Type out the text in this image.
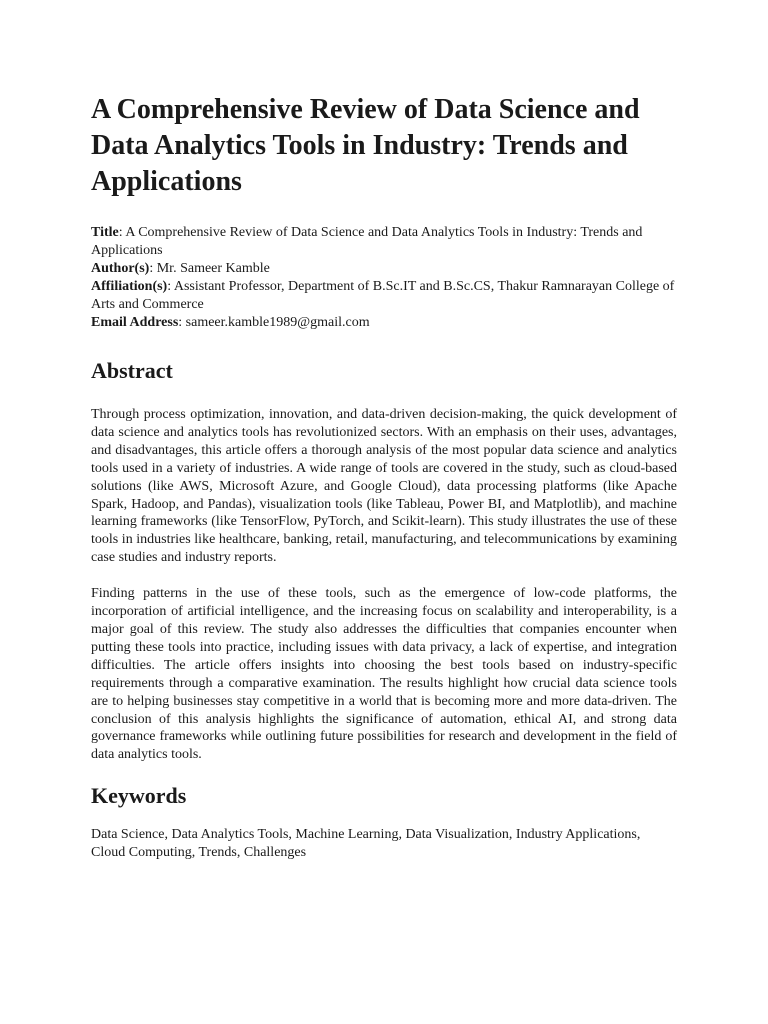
A Comprehensive Review of Data Science and Data Analytics Tools in Industry: Trends and Applications

Title: A Comprehensive Review of Data Science and Data Analytics Tools in Industry: Trends and Applications

Author(s): Mr. Sameer Kamble

Affiliation(s): Assistant Professor, Department of B.Sc.IT and B.Sc.CS, Thakur Ramnarayan College of Arts and Commerce

Email Address: sameer.kamble1989@gmail.com

Abstract

Through process optimization, innovation, and data-driven decision-making, the quick development of data science and analytics tools has revolutionized sectors. With an emphasis on their uses, advantages, and disadvantages, this article offers a thorough analysis of the most popular data science and analytics tools used in a variety of industries. A wide range of tools are covered in the study, such as cloud-based solutions (like AWS, Microsoft Azure, and Google Cloud), data processing platforms (like Apache Spark, Hadoop, and Pandas), visualization tools (like Tableau, Power BI, and Matplotlib), and machine learning frameworks (like TensorFlow, PyTorch, and Scikit-learn). This study illustrates the use of these tools in industries like healthcare, banking, retail, manufacturing, and telecommunications by examining case studies and industry reports.

Finding patterns in the use of these tools, such as the emergence of low-code platforms, the incorporation of artificial intelligence, and the increasing focus on scalability and interoperability, is a major goal of this review. The study also addresses the difficulties that companies encounter when putting these tools into practice, including issues with data privacy, a lack of expertise, and integration difficulties. The article offers insights into choosing the best tools based on industry-specific requirements through a comparative examination. The results highlight how crucial data science tools are to helping businesses stay competitive in a world that is becoming more and more data-driven. The conclusion of this analysis highlights the significance of automation, ethical AI, and strong data governance frameworks while outlining future possibilities for research and development in the field of data analytics tools.

Keywords

Data Science, Data Analytics Tools, Machine Learning, Data Visualization, Industry Applications, Cloud Computing, Trends, Challenges
